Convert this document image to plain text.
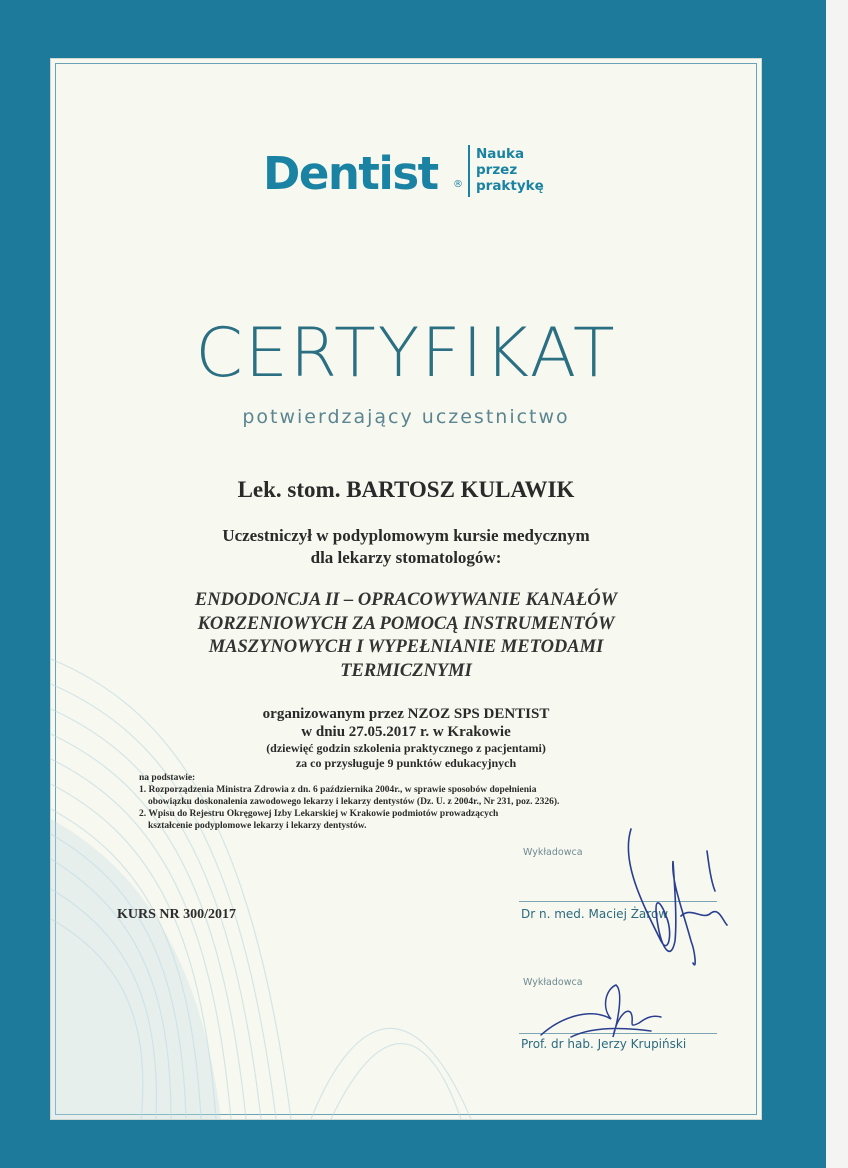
Dentist ®
Nauka
przez
praktykę
CERTYFIKAT
potwierdzający uczestnictwo
Lek. stom. BARTOSZ KULAWIK
Uczestniczył w podyplomowym kursie medycznym
dla lekarzy stomatologów:
ENDODONCJA II – OPRACOWYWANIE KANAŁÓW
KORZENIOWYCH ZA POMOCĄ INSTRUMENTÓW
MASZYNOWYCH I WYPEŁNIANIE METODAMI
TERMICZNYMI
organizowanym przez NZOZ SPS DENTIST
w dniu 27.05.2017 r. w Krakowie
(dziewięć godzin szkolenia praktycznego z pacjentami)
za co przysługuje 9 punktów edukacyjnych
na podstawie:
1. Rozporządzenia Ministra Zdrowia z dn. 6 października 2004r., w sprawie sposobów dopełnienia
obowiązku doskonalenia zawodowego lekarzy i lekarzy dentystów (Dz. U. z 2004r., Nr 231, poz. 2326).
2. Wpisu do Rejestru Okręgowej Izby Lekarskiej w Krakowie podmiotów prowadzących
kształcenie podyplomowe lekarzy i lekarzy dentystów.
KURS NR 300/2017
Wykładowca
Dr n. med. Maciej Żarow
Wykładowca
Prof. dr hab. Jerzy Krupiński
